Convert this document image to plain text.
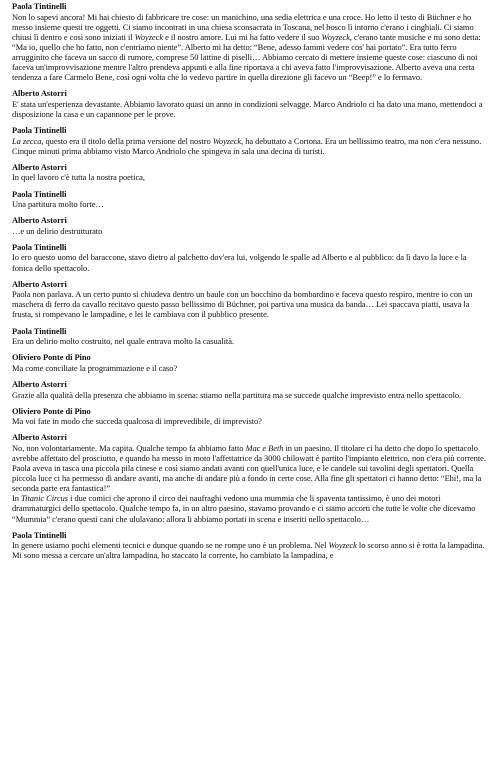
Paola Tintinelli
Non lo sapevi ancora! Mi hai chiesto di fabbricare tre cose: un manichino, una sedia elettrica e una croce. Ho letto il testo di Büchner e ho messo insieme questi tre oggetti. Ci siamo incontrati in una chiesa sconsacrata in Toscana, nel bosco lì intorno c'erano i cinghiali. Ci siamo chiusi lì dentro e così sono iniziati il Woyzeck e il nostro amore. Lui mi ha fatto vedere il suo Woyzeck, c'erano tante musiche e mi sono detta: “Ma io, quello che ho fatto, non c'entriamo niente”. Alberto mi ha detto: “Bene, adesso fammi vedere cos' hai portato”. Era tutto ferro arrugginito che faceva un sacco di rumore, comprese 50 lattine di piselli… Abbiamo cercato di mettere insieme queste cose: ciascuno di noi faceva un'improvvisazione mentre l'altro prendeva appunti e alla fine riportava a chi aveva fatto l'improvvisazione. Alberto aveva una certa tendenza a fare Carmelo Bene, così ogni volta che lo vedevo partire in quella direzione gli facevo un “Beep!” e lo fermavo.
Alberto Astorri
E' stata un'esperienza devastante. Abbiamo lavorato quasi un anno in condizioni selvagge. Marco Andriolo ci ha dato una mano, mettendoci a disposizione la casa e un capannone per le prove.
Paola Tintinelli
La zecca, questo era il titolo della prima versione del nostro Woyzeck, ha debuttato a Cortona. Era un bellissimo teatro, ma non c'era nessuno. Cinque minuti prima abbiamo visto Marco Andriolo che spingeva in sala una decina di turisti.
Alberto Astorri
In quel lavoro c'è tutta la nostra poetica,
Paola Tintinelli
Una partitura molto forte…
Alberto Astorri
…e un delirio destrutturato
Paola Tintinelli
Io ero questo uomo del baraccone, stavo dietro al palchetto dov'era lui, volgendo le spalle ad Alberto e al pubblico: da lì davo la luce e la fonica dello spettacolo.
Alberto Astorri
Paola non parlava. A un certo punto si chiudeva dentro un baule con un bocchino da bombardino e faceva questo respiro, mentre io con un maschera di ferro da cavallo recitavo questo passo bellissimo di Büchner, poi partiva una musica da banda… Lei spaccava piatti, usava la frusta, si rompevano le lampadine, e lei le cambiava con il pubblico presente.
Paola Tintinelli
Era un delirio molto costruito, nel quale entrava molto la casualità.
Oliviero Ponte di Pino
Ma come conciliate la programmazione e il caso?
Alberto Astorri
Grazie alla qualità della presenza che abbiamo in scena: stiamo nella partitura ma se succede qualche imprevisto entra nello spettacolo.
Oliviero Ponte di Pino
Ma voi fate in modo che succeda qualcosa di imprevedibile, di imprevisto?
Alberto Astorri
No, non volontariamente. Ma capita. Qualche tempo fa abbiamo fatto Mac e Beth in un paesino. Il titolare ci ha detto che dopo lo spettacolo avrebbe affettato del prosciutto, e quando ha messo in moto l'affettatrice da 3000 chilowatt è partito l'impianto elettrico, non c'era più corrente. Paola aveva in tasca una piccola pila cinese e così siamo andati avanti con quell'unica luce, e le candele sui tavolini degli spettatori. Quella piccola luce ci ha permesso di andare avanti, ma anche di andare più a fondo in certe cose. Alla fine gli spettatori ci hanno detto: “Ehi!, ma la seconda parte era fantastica!”
In Titanic Circus i due comici che aprono il circo dei naufraghi vedono una mummia che li spaventa tantissimo, è uno dei motori drammaturgici dello spettacolo. Qualche tempo fa, in un altro paesino, stavamo provando e ci siamo accorti che tutte le volte che dicevamo “Mummia” c'erano questi cani che ululavano: allora li abbiamo portati in scena e inseriti nello spettacolo…
Paola Tintinelli
In genere usiamo pochi elementi tecnici e dunque quando se ne rompe uno è un problema. Nel Woyzeck lo scorso anno si è rotta la lampadina. Mi sono messa a cercare un'altra lampadina, ho staccato la corrente, ho cambiato la lampadina, e
